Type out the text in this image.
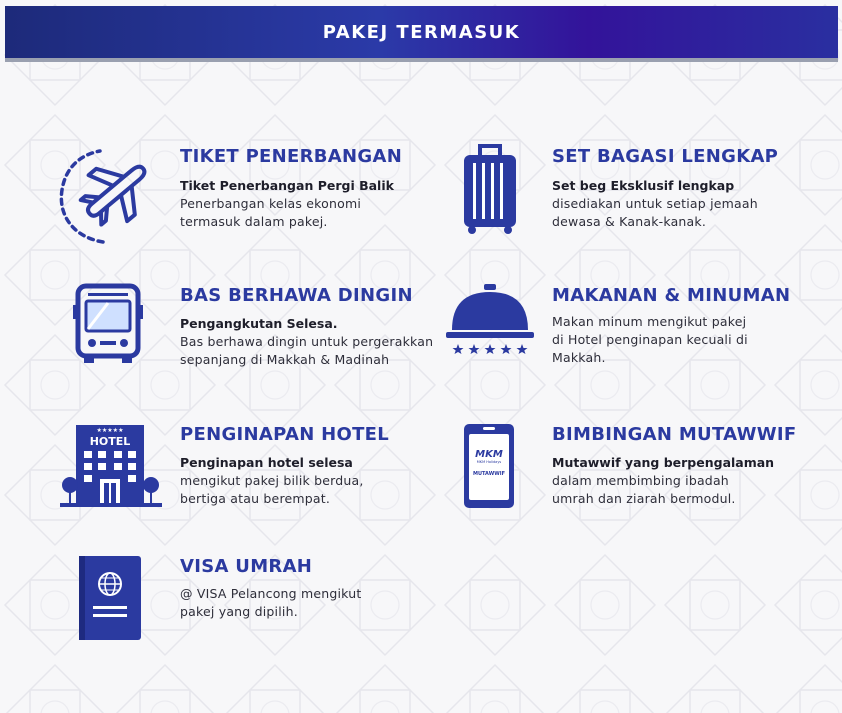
PAKEJ TERMASUK
TIKET PENERBANGAN
Tiket Penerbangan Pergi Balik
Penerbangan kelas ekonomi
termasuk dalam pakej.
SET BAGASI LENGKAP
Set beg Eksklusif lengkap
disediakan untuk setiap jemaah
dewasa & Kanak-kanak.
BAS BERHAWA DINGIN
Pengangkutan Selesa.
Bas berhawa dingin untuk pergerakkan
sepanjang di Makkah & Madinah
MAKANAN & MINUMAN
Makan minum mengikut pakej
di Hotel penginapan kecuali di
Makkah.
★★★★★
HOTEL	PENGINAPAN HOTEL
Penginapan hotel selesa
mengikut pakej bilik berdua,
bertiga atau berempat.
MKM
MKM Holidays
MUTAWWIF
BIMBINGAN MUTAWWIF
Mutawwif yang berpengalaman
dalam membimbing ibadah
umrah dan ziarah bermodul.
VISA UMRAH
@ VISA Pelancong mengikut
pakej yang dipilih.
